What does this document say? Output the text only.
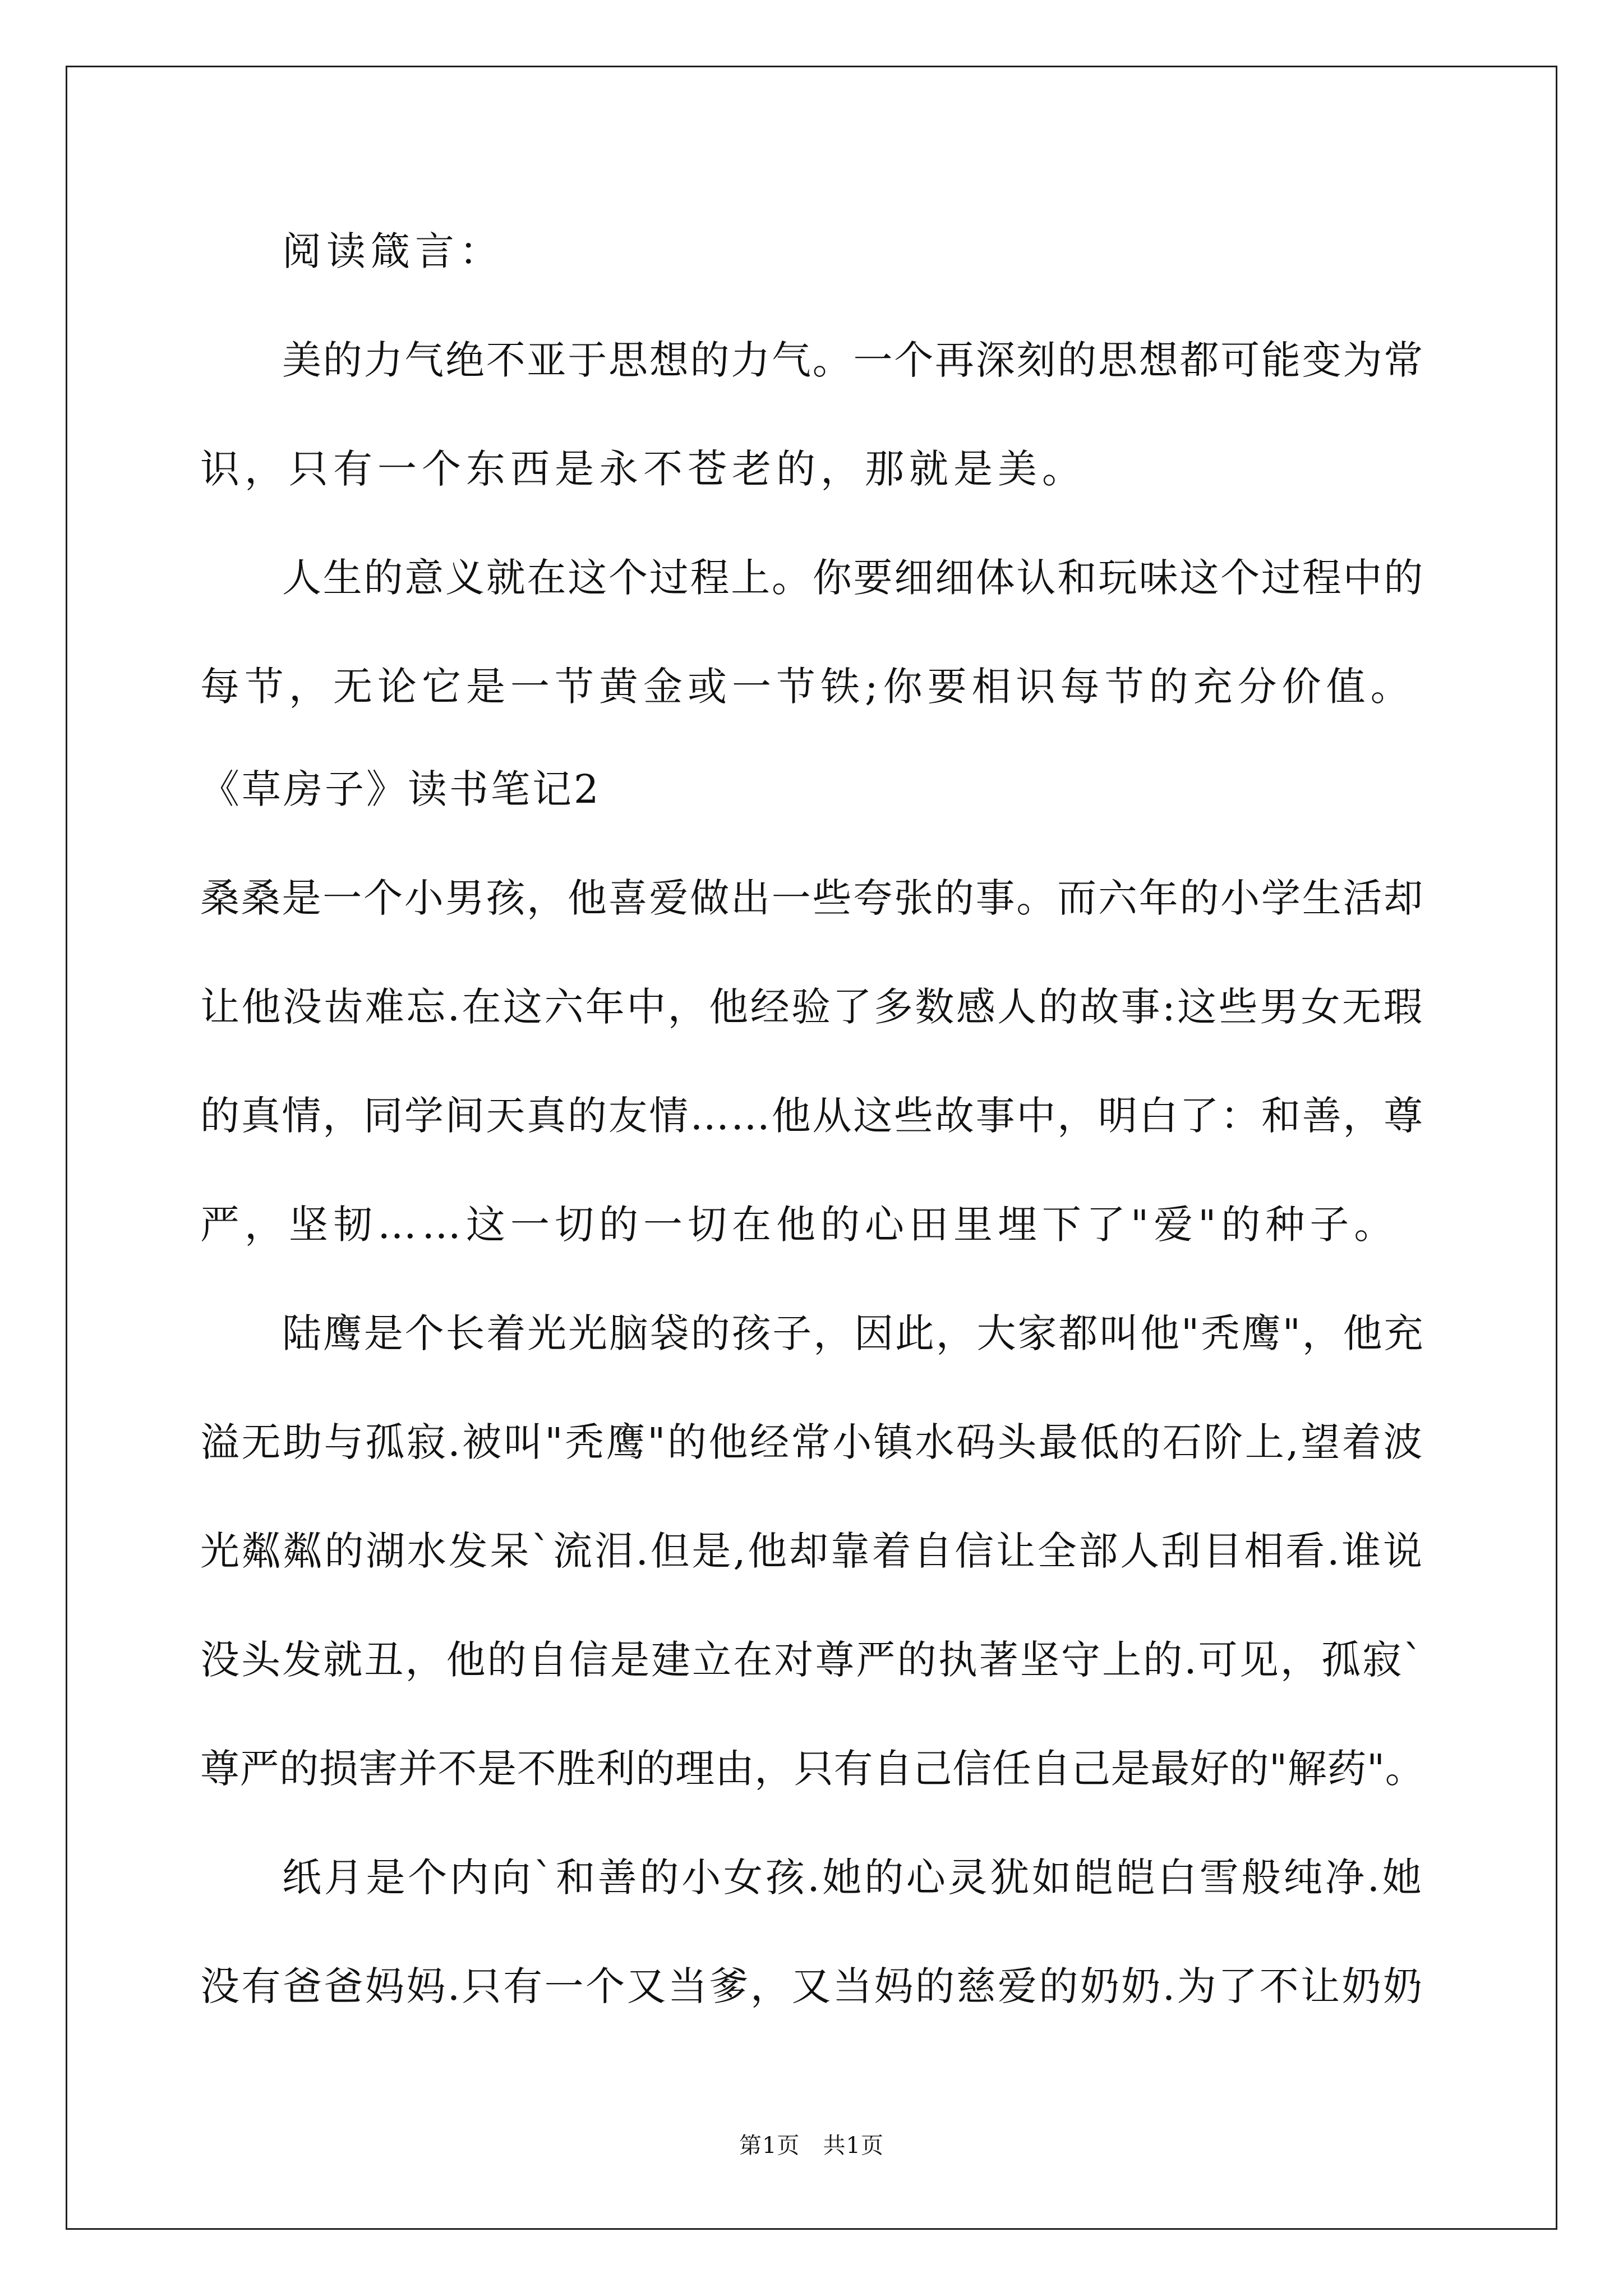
阅读箴言：
美的力气绝不亚于思想的力气。一个再深刻的思想都可能变为常
识，只有一个东西是永不苍老的，那就是美。
人生的意义就在这个过程上。你要细细体认和玩味这个过程中的
每节，无论它是一节黄金或一节铁;你要相识每节的充分价值。
《草房子》读书笔记2
桑桑是一个小男孩，他喜爱做出一些夸张的事。而六年的小学生活却
让他没齿难忘.在这六年中，他经验了多数感人的故事:这些男女无瑕
的真情，同学间天真的友情……他从这些故事中，明白了：和善，尊
严，坚韧……这一切的一切在他的心田里埋下了"爱"的种子。
陆鹰是个长着光光脑袋的孩子，因此，大家都叫他"秃鹰"，他充
溢无助与孤寂.被叫"秃鹰"的他经常小镇水码头最低的石阶上,望着波
光粼粼的湖水发呆`流泪.但是,他却靠着自信让全部人刮目相看.谁说
没头发就丑，他的自信是建立在对尊严的执著坚守上的.可见，孤寂`
尊严的损害并不是不胜利的理由，只有自己信任自己是最好的"解药"。
纸月是个内向`和善的小女孩.她的心灵犹如皑皑白雪般纯净.她
没有爸爸妈妈.只有一个又当爹，又当妈的慈爱的奶奶.为了不让奶奶
第1页   共1页
